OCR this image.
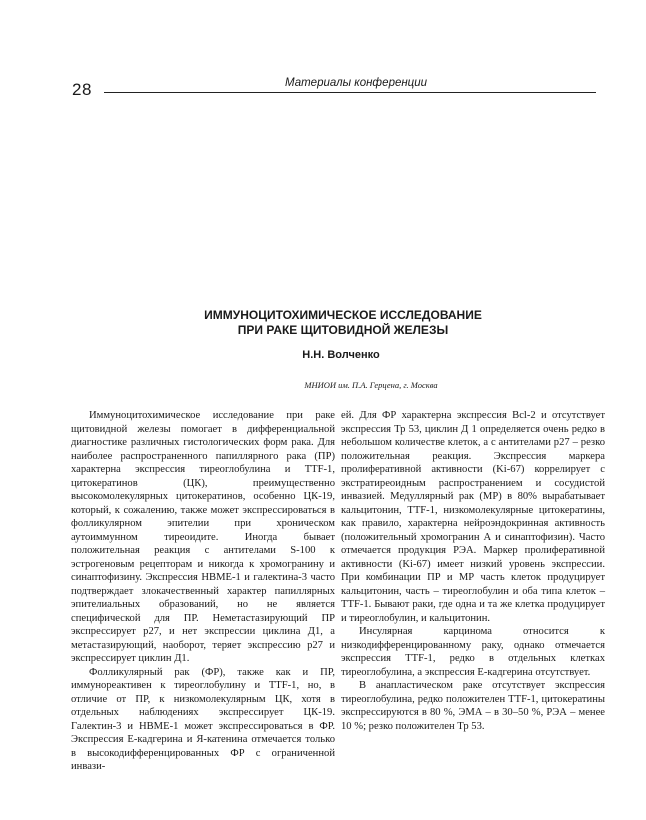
28	Материалы конференции
ИММУНОЦИТОХИМИЧЕСКОЕ ИССЛЕДОВАНИЕ
ПРИ РАКЕ ЩИТОВИДНОЙ ЖЕЛЕЗЫ
Н.Н. Волченко
МНИОИ им. П.А. Герцена, г. Москва

Иммуноцитохимическое исследование при раке щитовидной железы помогает в дифференциальной диагностике различных гистологических форм рака. Для наиболее распространенного папиллярного рака (ПР) характерна экспрессия тиреоглобулина и TTF-1, цитокератинов (ЦК), преимущественно высокомолекулярных цитокератинов, особенно ЦК-19, который, к сожалению, также может экспрессироваться в фолликулярном эпителии при хроническом аутоиммунном тиреоидите. Иногда бывает положительная реакция с антителами S-100 к эстрогеновым рецепторам и никогда к хромогранину и синаптофизину. Экспрессия HBME-1 и галектина-3 часто подтверждает злокачественный характер папиллярных эпителиальных образований, но не является специфической для ПР. Неметастазирующий ПР экспрессирует p27, и нет экспрессии циклина Д1, а метастазирующий, наоборот, теряет экспрессию p27 и экспрессирует циклин Д1.

Фолликулярный рак (ФР), также как и ПР, иммунореактивен к тиреоглобулину и TTF-1, но, в отличие от ПР, к низкомолекулярным ЦК, хотя в отдельных наблюдениях экспрессирует ЦК-19. Галектин-3 и HBME-1 может экспрессироваться в ФР. Экспрессия Е-кадгерина и Я-катенина отмечается только в высокодифференцированных ФР с ограниченной инвази-

ей. Для ФР характерна экспрессия Bcl-2 и отсутствует экспрессия Тр 53, циклин Д 1 определяется очень редко в небольшом количестве клеток, а с антителами p27 – резко положительная реакция. Экспрессия маркера пролиферативной активности (Ki-67) коррелирует с экстратиреоидным распространением и сосудистой инвазией. Медуллярный рак (МР) в 80% вырабатывает кальцитонин, TTF-1, низкомолекулярные цитокератины, как правило, характерна нейроэндокринная активность (положительный хромогранин А и синаптофизин). Часто отмечается продукция РЭА. Маркер пролиферативной активности (Ki-67) имеет низкий уровень экспрессии. При комбинации ПР и МР часть клеток продуцирует кальцитонин, часть – тиреоглобулин и оба типа клеток – TTF-1. Бывают раки, где одна и та же клетка продуцирует и тиреоглобулин, и кальцитонин.

Инсулярная карцинома относится к низкодифференцированному раку, однако отмечается экспрессия TTF-1, редко в отдельных клетках тиреоглобулина, а экспрессия Е-кадгерина отсутствует.

В анапластическом раке отсутствует экспрессия тиреоглобулина, редко положителен TTF-1, цитокератины экспрессируются в 80 %, ЭМА – в 30–50 %, РЭА – менее 10 %; резко положителен Тр 53.
